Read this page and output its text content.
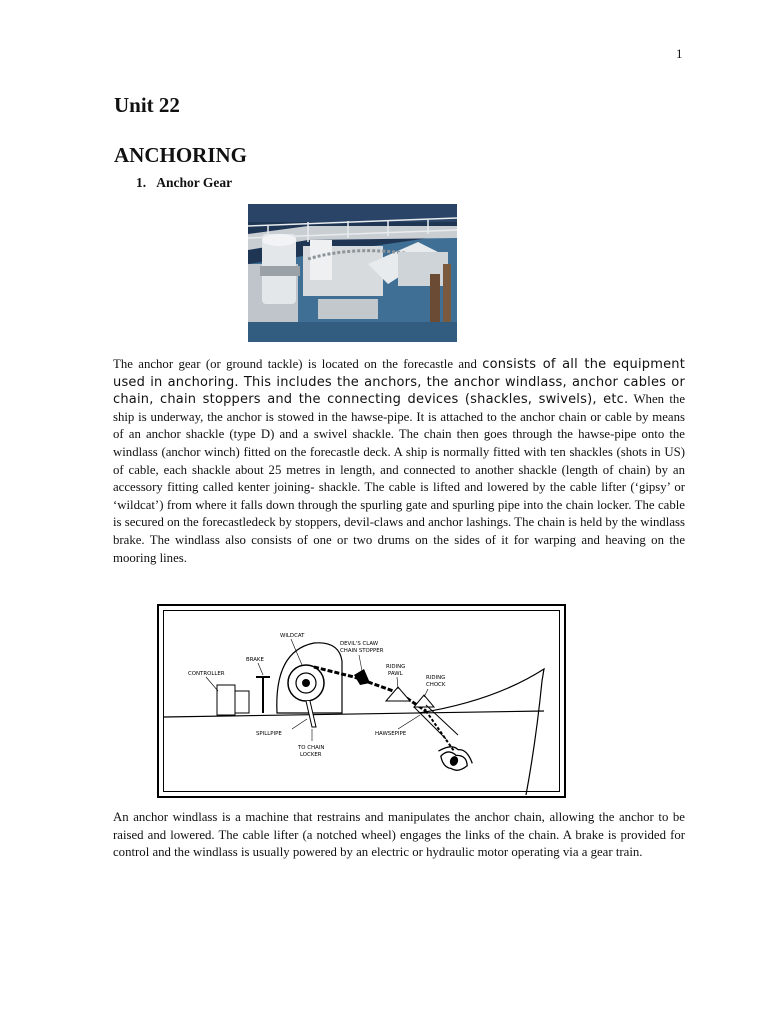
1
Unit 22
ANCHORING
1. Anchor Gear

The anchor gear (or ground tackle) is located on the forecastle and consists of all the equipment used in anchoring. This includes the anchors, the anchor windlass, anchor cables or chain, chain stoppers and the connecting devices (shackles, swivels), etc. When the ship is underway, the anchor is stowed in the hawse-pipe. It is attached to the anchor chain or cable by means of an anchor shackle (type D) and a swivel shackle. The chain then goes through the hawse-pipe onto the windlass (anchor winch) fitted on the forecastle deck. A ship is normally fitted with ten shackles (shots in US) of cable, each shackle about 25 metres in length, and connected to another shackle (length of chain) by an accessory fitting called kenter joining- shackle. The cable is lifted and lowered by the cable lifter (‘gipsy’ or ‘wildcat’) from where it falls down through the spurling gate and spurling pipe into the chain locker. The cable is secured on the forecastledeck by stoppers, devil-claws and anchor lashings. The chain is held by the windlass brake. The windlass also consists of one or two drums on the sides of it for warping and heaving on the mooring lines.

WILDCAT
DEVIL'S CLAW
CHAIN STOPPER
BRAKE
RIDING
PAWL
RIDING
CHOCK
CONTROLLER
SPILLPIPE	HAWSEPIPE
TO CHAIN
LOCKER

An anchor windlass is a machine that restrains and manipulates the anchor chain, allowing the anchor to be raised and lowered. The cable lifter (a notched wheel) engages the links of the chain. A brake is provided for control and the windlass is usually powered by an electric or hydraulic motor operating via a gear train.
